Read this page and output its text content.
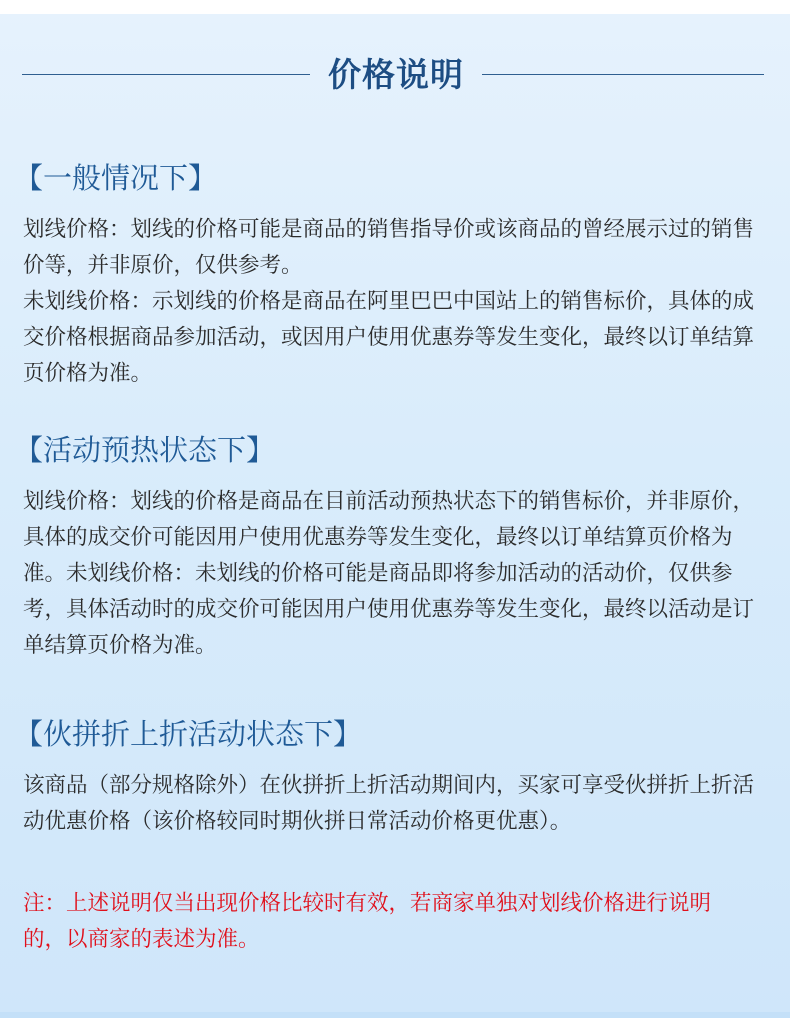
价格说明
【一般情况下】

划线价格：划线的价格可能是商品的销售指导价或该商品的曾经展示过的销售价等，并非原价，仅供参考。

未划线价格：示划线的价格是商品在阿里巴巴中国站上的销售标价，具体的成交价格根据商品参加活动，或因用户使用优惠券等发生变化，最终以订单结算页价格为准。

【活动预热状态下】

划线价格：划线的价格是商品在目前活动预热状态下的销售标价，并非原价，具体的成交价可能因用户使用优惠券等发生变化，最终以订单结算页价格为准。未划线价格：未划线的价格可能是商品即将参加活动的活动价，仅供参考，具体活动时的成交价可能因用户使用优惠券等发生变化，最终以活动是订单结算页价格为准。

【伙拼折上折活动状态下】

该商品（部分规格除外）在伙拼折上折活动期间内，买家可享受伙拼折上折活动优惠价格（该价格较同时期伙拼日常活动价格更优惠）。

注：上述说明仅当出现价格比较时有效，若商家单独对划线价格进行说明的，以商家的表述为准。
